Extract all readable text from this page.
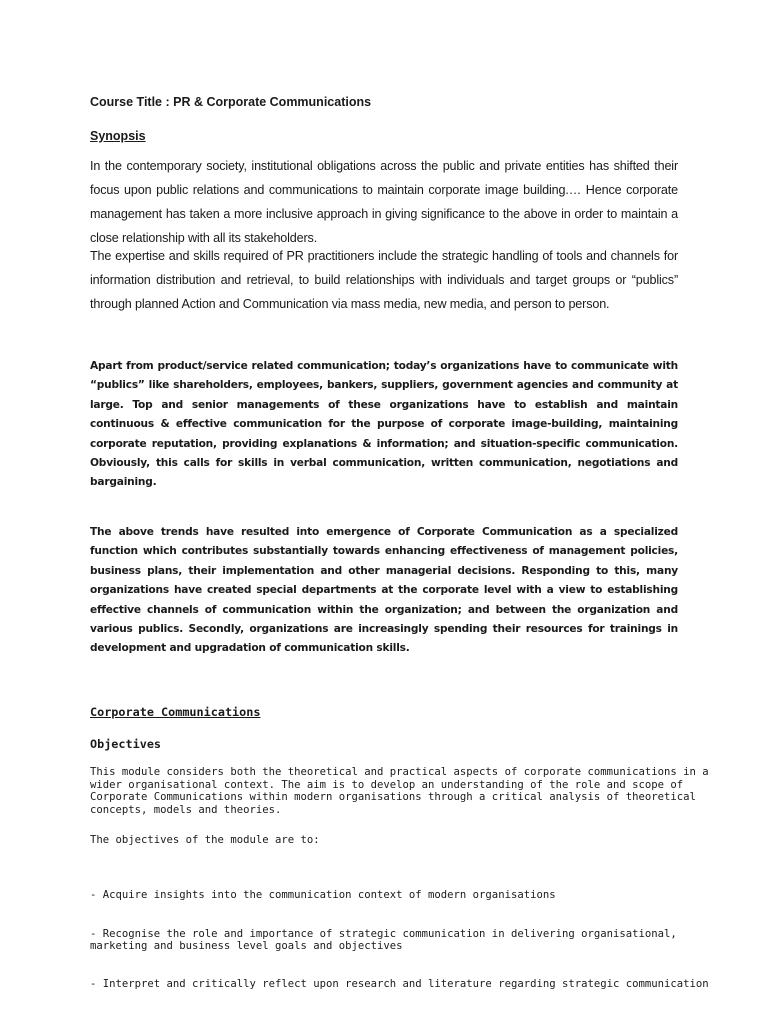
Course Title : PR & Corporate Communications
Synopsis
In the contemporary society, institutional obligations across the public and private entities has shifted their focus upon public relations and communications to maintain corporate image building.… Hence corporate management has taken a more inclusive approach in giving significance to the above in order to maintain a close relationship with all its stakeholders.
The expertise and skills required of PR practitioners include the strategic handling of tools and channels for information distribution and retrieval, to build relationships with individuals and target groups or “publics” through planned Action and Communication via mass media, new media, and person to person.
Apart from product/service related communication; today’s organizations have to communicate with “publics” like shareholders, employees, bankers, suppliers, government agencies and community at large. Top and senior managements of these organizations have to establish and maintain continuous & effective communication for the purpose of corporate image-building, maintaining corporate reputation, providing explanations & information; and situation-specific communication. Obviously, this calls for skills in verbal communication, written communication, negotiations and bargaining.
The above trends have resulted into emergence of Corporate Communication as a specialized function which contributes substantially towards enhancing effectiveness of management policies, business plans, their implementation and other managerial decisions. Responding to this, many organizations have created special departments at the corporate level with a view to establishing effective channels of communication within the organization; and between the organization and various publics. Secondly, organizations are increasingly spending their resources for trainings in development and upgradation of communication skills.
Corporate Communications
Objectives
This module considers both the theoretical and practical aspects of corporate communications in a
wider organisational context. The aim is to develop an understanding of the role and scope of
Corporate Communications within modern organisations through a critical analysis of theoretical
concepts, models and theories.
The objectives of the module are to:

- Acquire insights into the communication context of modern organisations

- Recognise the role and importance of strategic communication in delivering organisational,
marketing and business level goals and objectives

- Interpret and critically reflect upon research and literature regarding strategic communication
